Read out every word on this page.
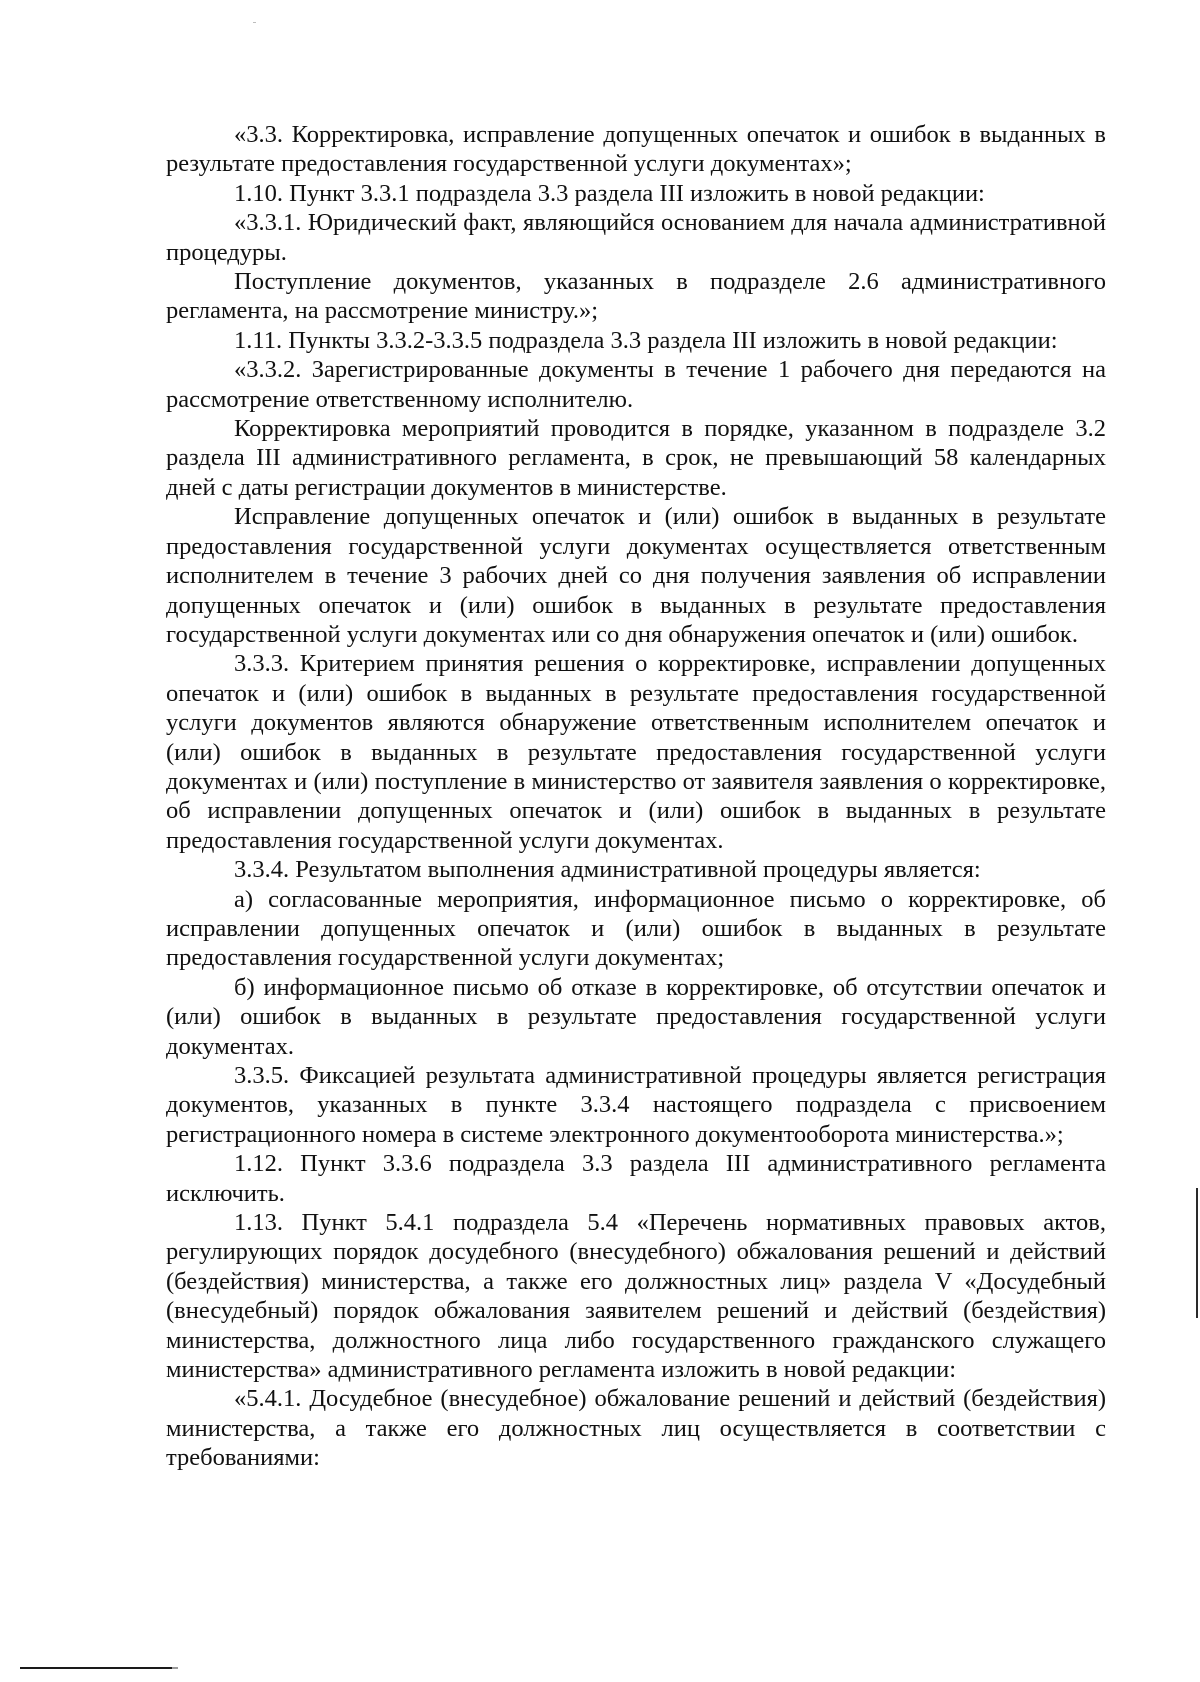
«3.3. Корректировка, исправление допущенных опечаток и ошибок в выданных в результате предоставления государственной услуги документах»;

1.10. Пункт 3.3.1 подраздела 3.3 раздела III изложить в новой редакции:

«3.3.1. Юридический факт, являющийся основанием для начала административной процедуры.

Поступление документов, указанных в подразделе 2.6 административного регламента, на рассмотрение министру.»;

1.11. Пункты 3.3.2-3.3.5 подраздела 3.3 раздела III изложить в новой редакции:

«3.3.2. Зарегистрированные документы в течение 1 рабочего дня передаются на рассмотрение ответственному исполнителю.

Корректировка мероприятий проводится в порядке, указанном в подразделе 3.2 раздела III административного регламента, в срок, не превышающий 58 календарных дней с даты регистрации документов в министерстве.

Исправление допущенных опечаток и (или) ошибок в выданных в результате предоставления государственной услуги документах осуществляется ответственным исполнителем в течение 3 рабочих дней со дня получения заявления об исправлении допущенных опечаток и (или) ошибок в выданных в результате предоставления государственной услуги документах или со дня обнаружения опечаток и (или) ошибок.

3.3.3. Критерием принятия решения о корректировке, исправлении допущенных опечаток и (или) ошибок в выданных в результате предоставления государственной услуги документов являются обнаружение ответственным исполнителем опечаток и (или) ошибок в выданных в результате предоставления государственной услуги документах и (или) поступление в министерство от заявителя заявления о корректировке, об исправлении допущенных опечаток и (или) ошибок в выданных в результате предоставления государственной услуги документах.

3.3.4. Результатом выполнения административной процедуры является:

а) согласованные мероприятия, информационное письмо о корректировке, об исправлении допущенных опечаток и (или) ошибок в выданных в результате предоставления государственной услуги документах;

б) информационное письмо об отказе в корректировке, об отсутствии опечаток и (или) ошибок в выданных в результате предоставления государственной услуги документах.

3.3.5. Фиксацией результата административной процедуры является регистрация документов, указанных в пункте 3.3.4 настоящего подраздела с присвоением регистрационного номера в системе электронного документооборота министерства.»;

1.12. Пункт 3.3.6 подраздела 3.3 раздела III административного регламента исключить.

1.13. Пункт 5.4.1 подраздела 5.4 «Перечень нормативных правовых актов, регулирующих порядок досудебного (внесудебного) обжалования решений и действий (бездействия) министерства, а также его должностных лиц» раздела V «Досудебный (внесудебный) порядок обжалования заявителем решений и действий (бездействия) министерства, должностного лица либо государственного гражданского служащего министерства» административного регламента изложить в новой редакции:

«5.4.1. Досудебное (внесудебное) обжалование решений и действий (бездействия) министерства, а также его должностных лиц осуществляется в соответствии с требованиями:
